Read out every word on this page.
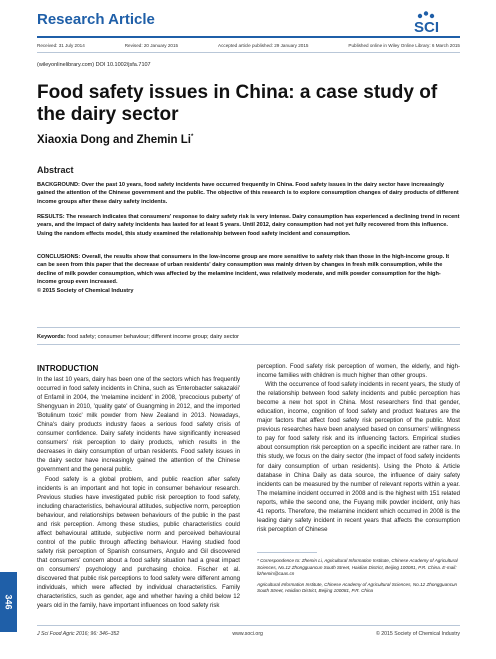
Research Article	SCI
Received: 31 July 2014	Revised: 20 January 2015	Accepted article published: 29 January 2015	Published online in Wiley Online Library: 6 March 2015
(wileyonlinelibrary.com) DOI 10.1002/jsfa.7107
Food safety issues in China: a case study of the dairy sector
Xiaoxia Dong and Zhemin Li*
Abstract
BACKGROUND: Over the past 10 years, food safety incidents have occurred frequently in China. Food safety issues in the dairy sector have increasingly gained the attention of the Chinese government and the public. The objective of this research is to explore consumption changes of dairy products of different income groups after these dairy safety incidents.
RESULTS: The research indicates that consumers' response to dairy safety risk is very intense. Dairy consumption has experienced a declining trend in recent years, and the impact of dairy safety incidents has lasted for at least 5 years. Until 2012, dairy consumption had not yet fully recovered from this influence. Using the random effects model, this study examined the relationship between food safety incident and consumption.
CONCLUSIONS: Overall, the results show that consumers in the low-income group are more sensitive to safety risk than those in the high-income group. It can be seen from this paper that the decrease of urban residents' dairy consumption was mainly driven by changes in fresh milk consumption, while the decline of milk powder consumption, which was affected by the melamine incident, was relatively moderate, and milk powder consumption for the high-income group even increased.
© 2015 Society of Chemical Industry
Keywords: food safety; consumer behaviour; different income group; dairy sector
INTRODUCTION

In the last 10 years, dairy has been one of the sectors which has frequently occurred in food safety incidents in China, such as 'Enterobacter sakazakii' of Enfamil in 2004, the 'melamine incident' in 2008, 'precocious puberty' of Shengyuan in 2010, 'quality gate' of Guangming in 2012, and the imported 'Botulinum toxic' milk powder from New Zealand in 2013. Nowadays, China's dairy products industry faces a serious food safety crisis of consumer confidence. Dairy safety incidents have significantly increased consumers' risk perception to dairy products, which results in the decreases in dairy consumption of urban residents. Food safety issues in the dairy sector have increasingly gained the attention of the Chinese government and the general public.

Food safety is a global problem, and public reaction after safety incidents is an important and hot topic in consumer behaviour research. Previous studies have investigated public risk perception to food safety, including characteristics, behavioural attitudes, subjective norm, perception behaviour, and relationships between behaviours of the public in the past and risk perception. Among these studies, public characteristics could affect behavioural attitude, subjective norm and perceived behavioural control of the public through affecting behaviour. Having studied food safety risk perception of Spanish consumers, Angulo and Gil discovered that consumers' concern about a food safety situation had a great impact on consumers' psychology and purchasing choice. Fischer et al. discovered that public risk perceptions to food safety were different among individuals, which were affected by individual characteristics. Family characteristics, such as gender, age and whether having a child below 12 years old in the family, have important influences on food safety risk

perception. Food safety risk perception of women, the elderly, and high-income families with children is much higher than other groups.

With the occurrence of food safety incidents in recent years, the study of the relationship between food safety incidents and public perception has become a new hot spot in China. Most researchers find that gender, education, income, cognition of food safety and product features are the major factors that affect food safety risk perception of the public. Most previous researches have been analysed based on consumers' willingness to pay for food safety risk and its influencing factors. Empirical studies about consumption risk perception on a specific incident are rather rare. In this study, we focus on the dairy sector (the impact of food safety incidents for dairy consumption of urban residents). Using the Photo & Article database in China Daily as data source, the influence of dairy safety incidents can be measured by the number of relevant reports within a year. The melamine incident occurred in 2008 and is the highest with 151 related reports, while the second one, the Fuyang milk powder incident, only has 41 reports. Therefore, the melamine incident which occurred in 2008 is the leading dairy safety incident in recent years that affects the consumption risk perception of Chinese

* Correspondence to: Zhemin Li, Agricultural Information Institute, Chinese Academy of Agricultural Sciences, No.12 Zhongguancun South Street, Haidian District, Beijing 100081, P.R. China. E-mail: lizhemin@caas.cn

Agricultural Information Institute, Chinese Academy of Agricultural Sciences, No.12 Zhongguancun South Street, Haidian District, Beijing 100081, P.R. China

J Sci Food Agric 2016; 96: 346–352	www.soci.org	© 2015 Society of Chemical Industry
346
